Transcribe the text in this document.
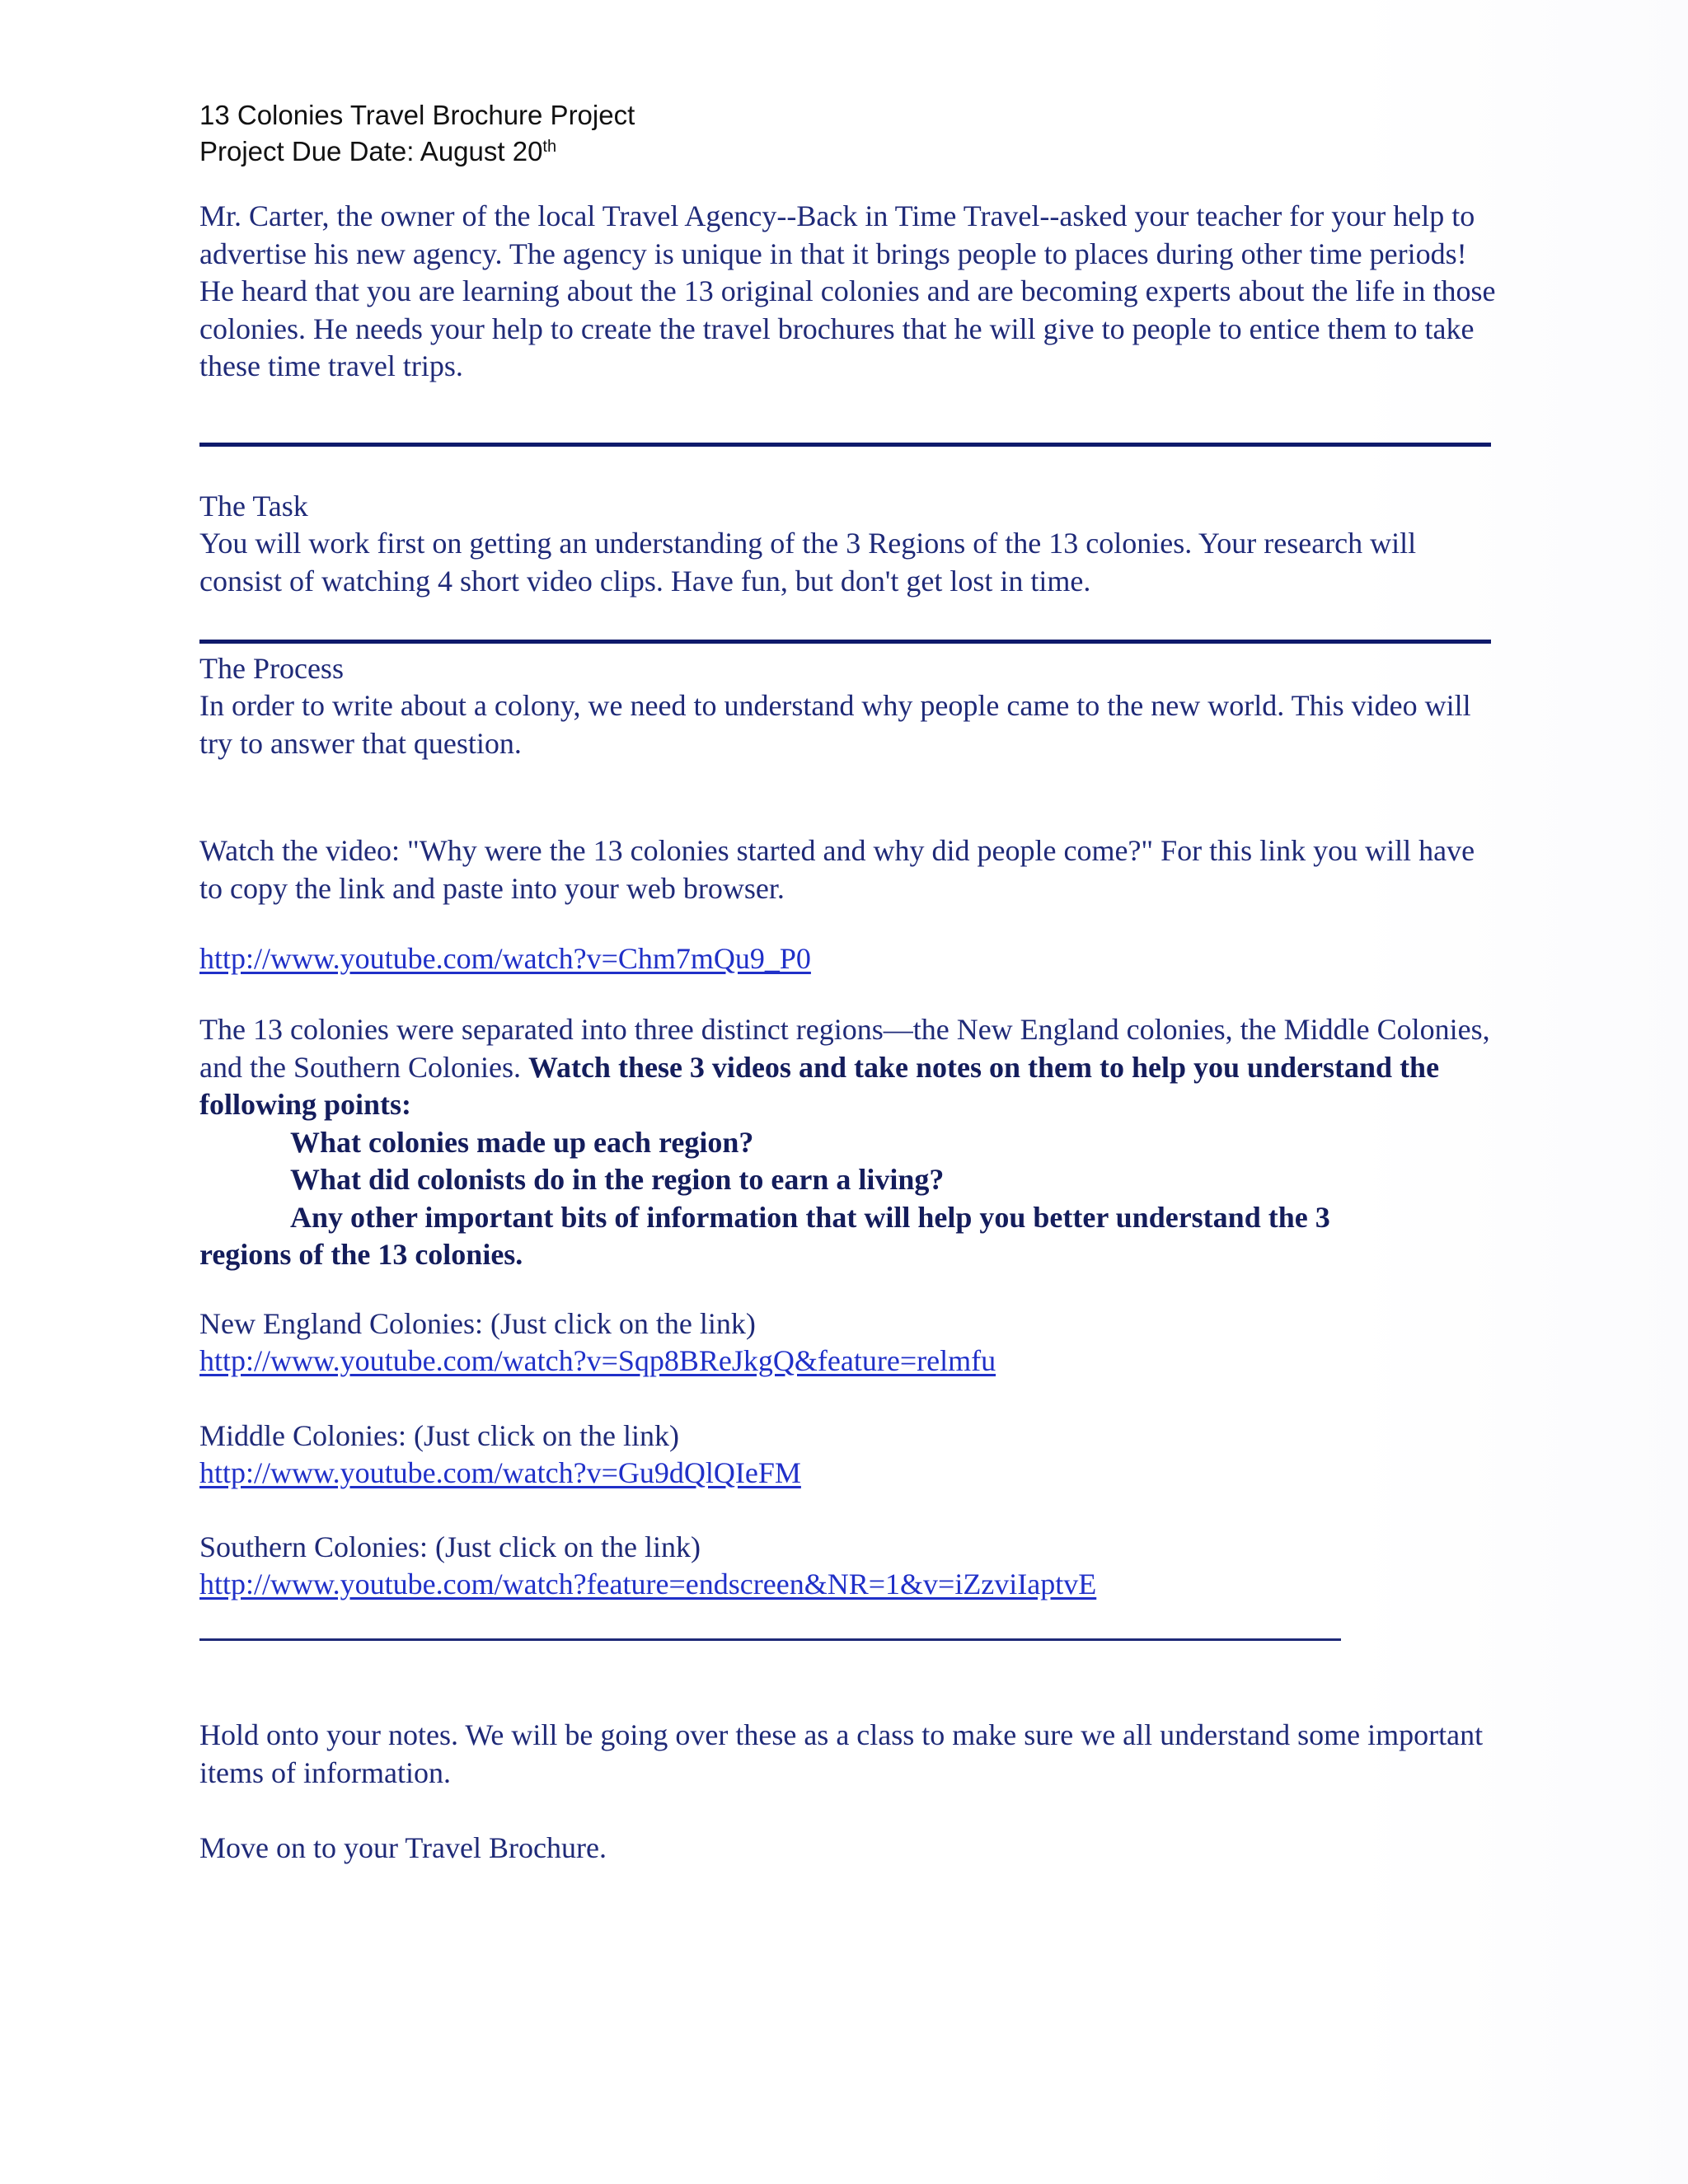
13 Colonies Travel Brochure Project
Project Due Date: August 20th

Mr. Carter, the owner of the local Travel Agency--Back in Time Travel--asked your teacher for your help to advertise his new agency. The agency is unique in that it brings people to places during other time periods! He heard that you are learning about the 13 original colonies and are becoming experts about the life in those colonies. He needs your help to create the travel brochures that he will give to people to entice them to take these time travel trips.

The Task

You will work first on getting an understanding of the 3 Regions of the 13 colonies. Your research will consist of watching 4 short video clips. Have fun, but don't get lost in time.

The Process

In order to write about a colony, we need to understand why people came to the new world. This video will try to answer that question.

Watch the video: "Why were the 13 colonies started and why did people come?" For this link you will have to copy the link and paste into your web browser.

http://www.youtube.com/watch?v=Chm7mQu9_P0

The 13 colonies were separated into three distinct regions—the New England colonies, the Middle Colonies, and the Southern Colonies. Watch these 3 videos and take notes on them to help you understand the following points:
What colonies made up each region?
What did colonists do in the region to earn a living?
Any other important bits of information that will help you better understand the 3
regions of the 13 colonies.

New England Colonies: (Just click on the link)

http://www.youtube.com/watch?v=Sqp8BReJkgQ&feature=relmfu

Middle Colonies: (Just click on the link)

http://www.youtube.com/watch?v=Gu9dQlQIeFM

Southern Colonies: (Just click on the link)

http://www.youtube.com/watch?feature=endscreen&NR=1&v=iZzviIaptvE

Hold onto your notes. We will be going over these as a class to make sure we all understand some important items of information.

Move on to your Travel Brochure.
